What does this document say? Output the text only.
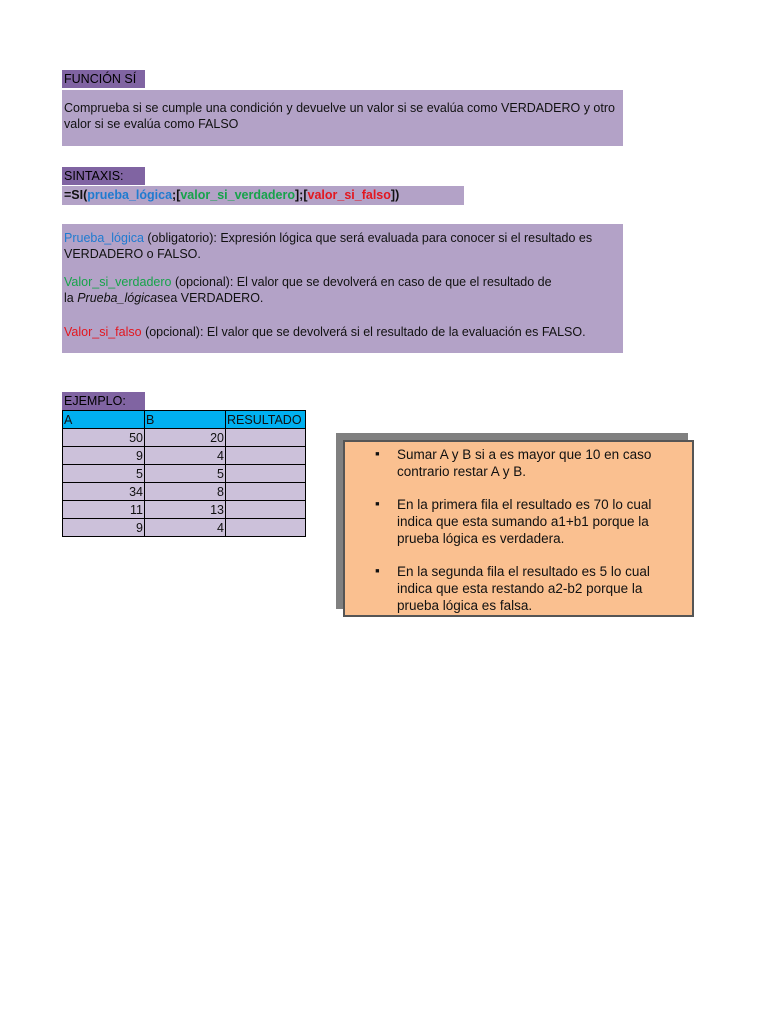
FUNCIÓN SÍ
Comprueba si se cumple una condición y devuelve un valor si se evalúa como VERDADERO y otro valor si se evalúa como FALSO
SINTAXIS:
=SI(prueba_lógica;[valor_si_verdadero];[valor_si_falso])
Prueba_lógica (obligatorio): Expresión lógica que será evaluada para conocer si el resultado es VERDADERO o FALSO.
Valor_si_verdadero (opcional): El valor que se devolverá en caso de que el resultado de
la Prueba_lógicasea VERDADERO.
Valor_si_falso (opcional): El valor que se devolverá si el resultado de la evaluación es FALSO.
EJEMPLO:
A	B	RESULTADO
50	20	
9	4	
5	5	
34	8	
11	13	
9	4	
▪ Sumar A y B si a es mayor que 10 en caso contrario restar A y B.
▪ En la primera fila el resultado es 70 lo cual indica que esta sumando a1+b1 porque la prueba lógica es verdadera.
▪ En la segunda fila el resultado es 5 lo cual indica que esta restando a2-b2 porque la prueba lógica es falsa.
